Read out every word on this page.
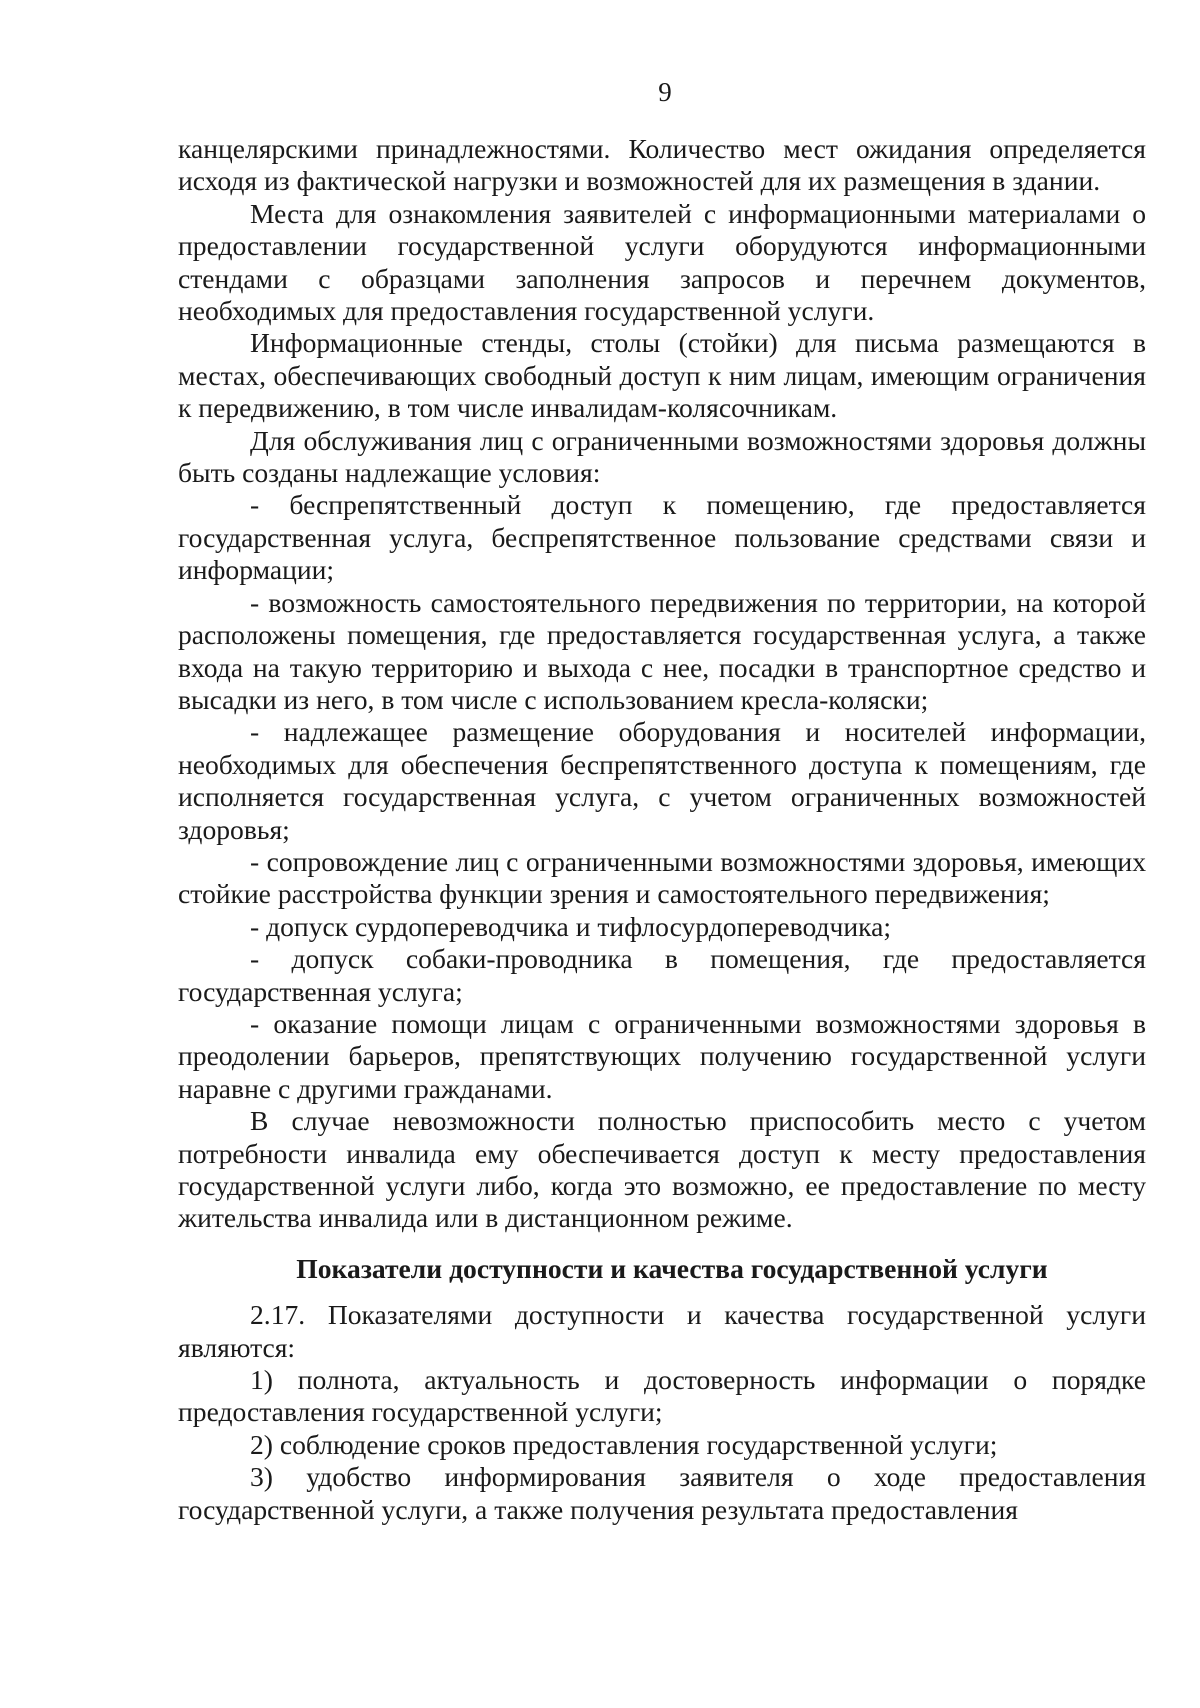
9

канцелярскими принадлежностями. Количество мест ожидания определяется исходя из фактической нагрузки и возможностей для их размещения в здании.

Места для ознакомления заявителей с информационными материалами о предоставлении государственной услуги оборудуются информационными стендами с образцами заполнения запросов и перечнем документов, необходимых для предоставления государственной услуги.

Информационные стенды, столы (стойки) для письма размещаются в местах, обеспечивающих свободный доступ к ним лицам, имеющим ограничения к передвижению, в том числе инвалидам-колясочникам.

Для обслуживания лиц с ограниченными возможностями здоровья должны быть созданы надлежащие условия:

- беспрепятственный доступ к помещению, где предоставляется государственная услуга, беспрепятственное пользование средствами связи и информации;

- возможность самостоятельного передвижения по территории, на которой расположены помещения, где предоставляется государственная услуга, а также входа на такую территорию и выхода с нее, посадки в транспортное средство и высадки из него, в том числе с использованием кресла-коляски;

- надлежащее размещение оборудования и носителей информации, необходимых для обеспечения беспрепятственного доступа к помещениям, где исполняется государственная услуга, с учетом ограниченных возможностей здоровья;

- сопровождение лиц с ограниченными возможностями здоровья, имеющих стойкие расстройства функции зрения и самостоятельного передвижения;

- допуск сурдопереводчика и тифлосурдопереводчика;

- допуск собаки-проводника в помещения, где предоставляется государственная услуга;

- оказание помощи лицам с ограниченными возможностями здоровья в преодолении барьеров, препятствующих получению государственной услуги наравне с другими гражданами.

В случае невозможности полностью приспособить место с учетом потребности инвалида ему обеспечивается доступ к месту предоставления государственной услуги либо, когда это возможно, ее предоставление по месту жительства инвалида или в дистанционном режиме.

Показатели доступности и качества государственной услуги

2.17. Показателями доступности и качества государственной услуги являются:

1) полнота, актуальность и достоверность информации о порядке предоставления государственной услуги;

2) соблюдение сроков предоставления государственной услуги;

3) удобство информирования заявителя о ходе предоставления государственной услуги, а также получения результата предоставления
